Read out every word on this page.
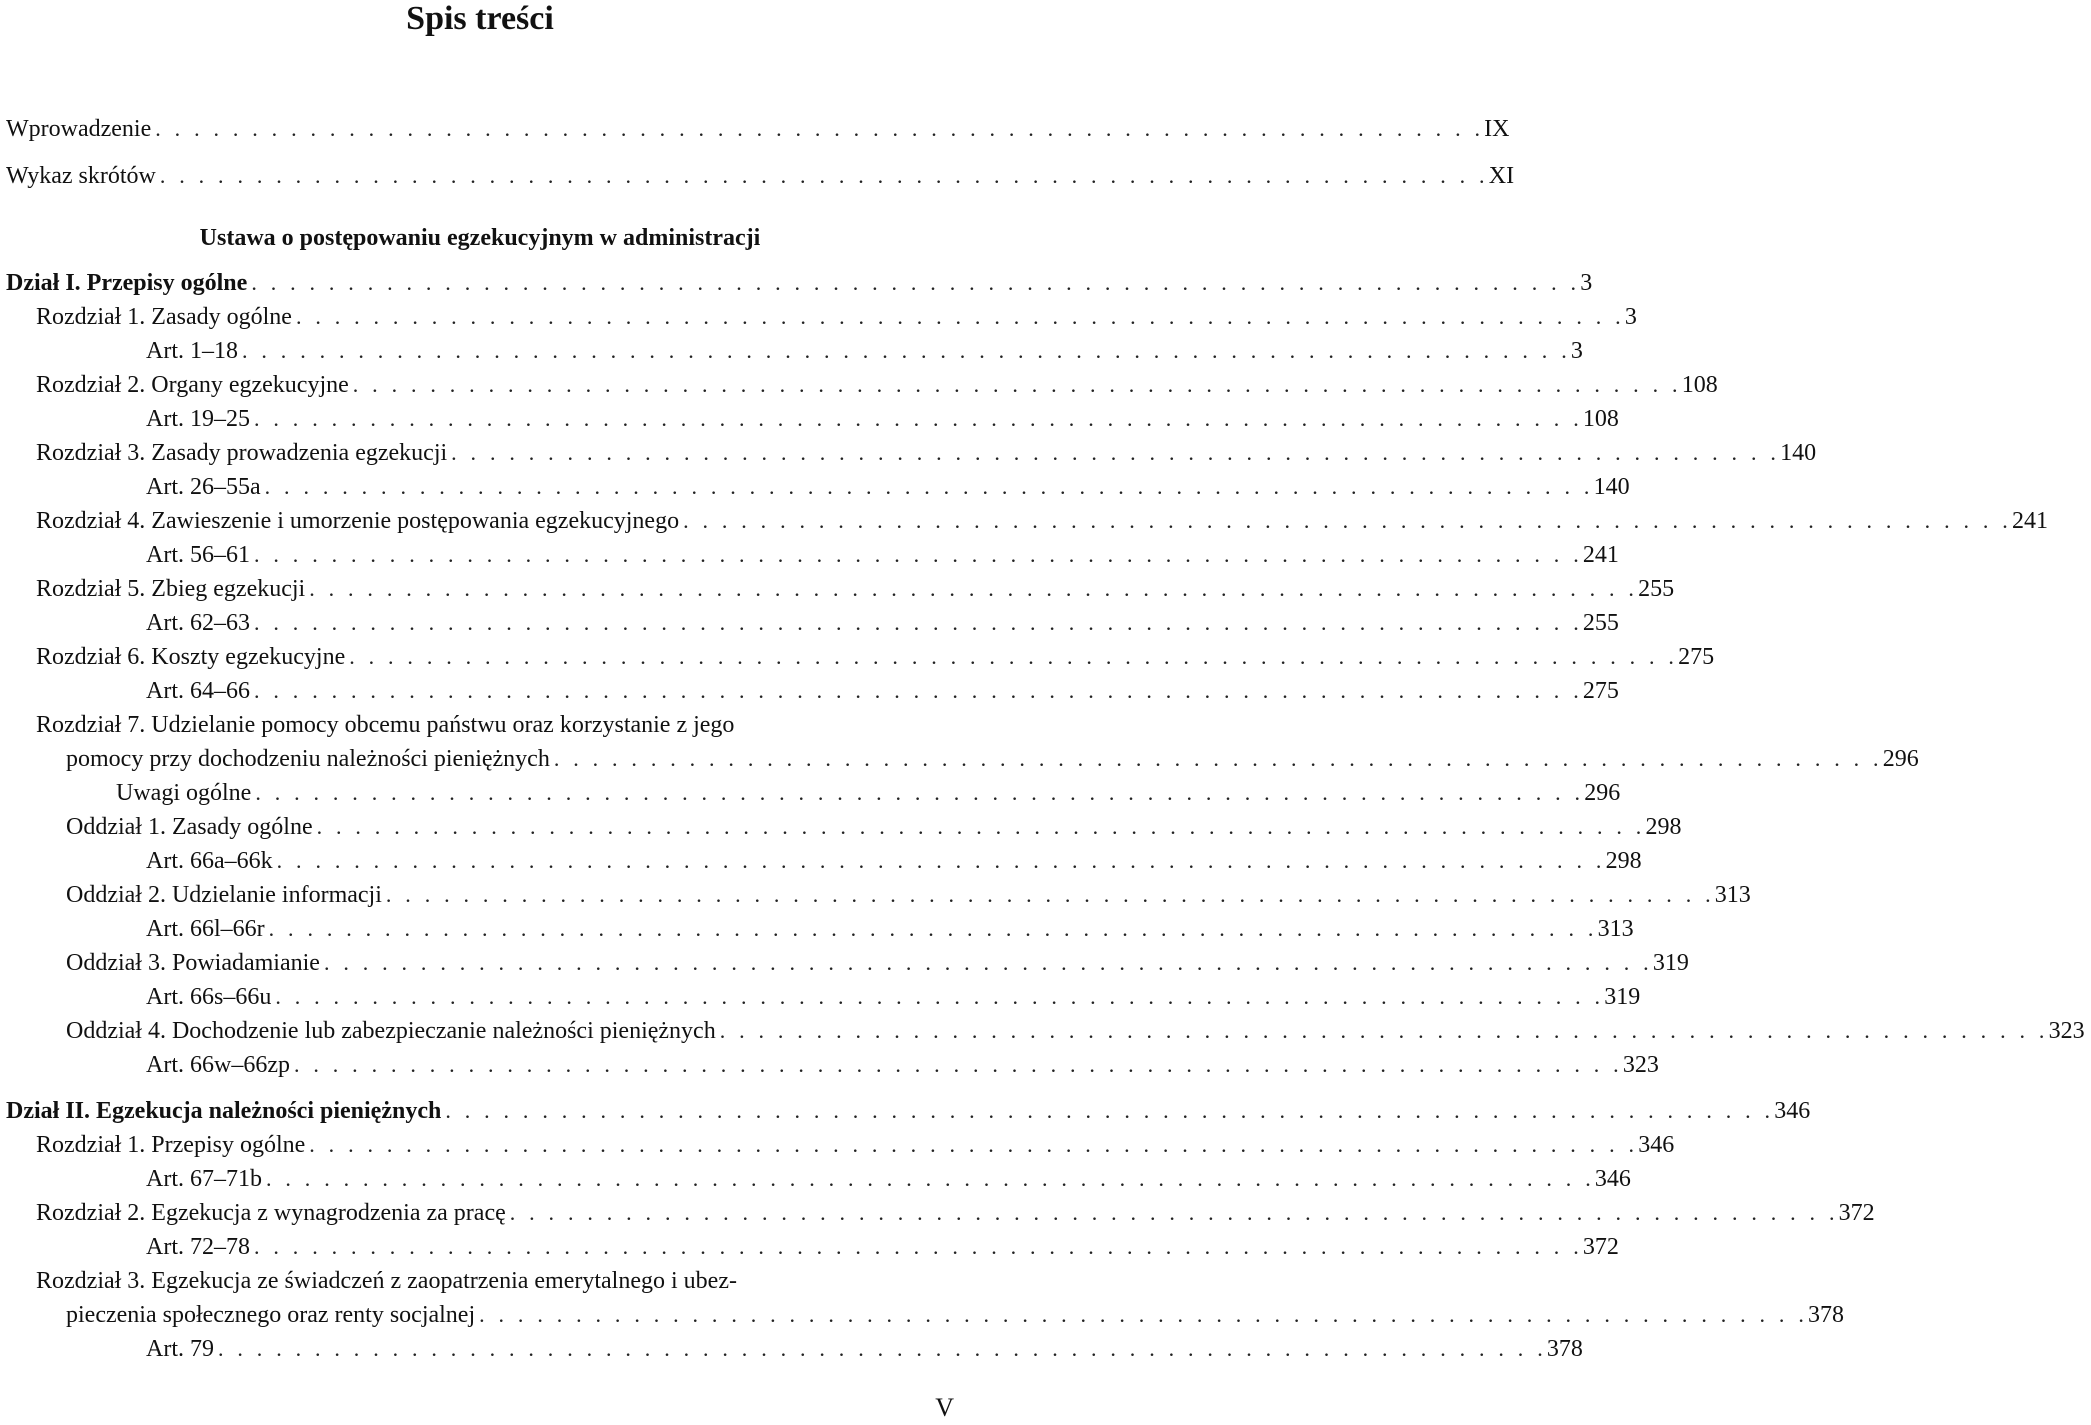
Spis treści
Wprowadzenie . . . . . . . . . . . . . . . . . . . . . . . . . . . . . . . . . . . . . . . . . . . . . . . . . . . . . . . . . . . . . . . . . . . . . IX
Wykaz skrótów . . . . . . . . . . . . . . . . . . . . . . . . . . . . . . . . . . . . . . . . . . . . . . . . . . . . . . . . . . . . . . . . . . . . . XI
Dział I. Przepisy ogólne . . . . . . . . . . . . . . . . . . . . . . . . . . . . . . . . . . . . . . . . . . . . . . . . . . . . . . . . . . . . . . . . . . . . . 3
Rozdział 1. Zasady ogólne . . . . . . . . . . . . . . . . . . . . . . . . . . . . . . . . . . . . . . . . . . . . . . . . . . . . . . . . . . . . . . . . . . . . . 3
Art. 1–18 . . . . . . . . . . . . . . . . . . . . . . . . . . . . . . . . . . . . . . . . . . . . . . . . . . . . . . . . . . . . . . . . . . . . . 3
Rozdział 2. Organy egzekucyjne . . . . . . . . . . . . . . . . . . . . . . . . . . . . . . . . . . . . . . . . . . . . . . . . . . . . . . . . . . . . . . . . . . . . . 108
Art. 19–25 . . . . . . . . . . . . . . . . . . . . . . . . . . . . . . . . . . . . . . . . . . . . . . . . . . . . . . . . . . . . . . . . . . . . . 108
Rozdział 3. Zasady prowadzenia egzekucji . . . . . . . . . . . . . . . . . . . . . . . . . . . . . . . . . . . . . . . . . . . . . . . . . . . . . . . . . . . . . . . . . . . . . 140
Art. 26–55a . . . . . . . . . . . . . . . . . . . . . . . . . . . . . . . . . . . . . . . . . . . . . . . . . . . . . . . . . . . . . . . . . . . . . 140
Rozdział 4. Zawieszenie i umorzenie postępowania egzekucyjnego . . . . . . . . . . . . . . . . . . . . . . . . . . . . . . . . . . . . . . . . . . . . . . . . . . . . . . . . . . . . . . . . . . . . . 241
Art. 56–61 . . . . . . . . . . . . . . . . . . . . . . . . . . . . . . . . . . . . . . . . . . . . . . . . . . . . . . . . . . . . . . . . . . . . . 241
Rozdział 5. Zbieg egzekucji . . . . . . . . . . . . . . . . . . . . . . . . . . . . . . . . . . . . . . . . . . . . . . . . . . . . . . . . . . . . . . . . . . . . . 255
Art. 62–63 . . . . . . . . . . . . . . . . . . . . . . . . . . . . . . . . . . . . . . . . . . . . . . . . . . . . . . . . . . . . . . . . . . . . . 255
Rozdział 6. Koszty egzekucyjne . . . . . . . . . . . . . . . . . . . . . . . . . . . . . . . . . . . . . . . . . . . . . . . . . . . . . . . . . . . . . . . . . . . . . 275
Art. 64–66 . . . . . . . . . . . . . . . . . . . . . . . . . . . . . . . . . . . . . . . . . . . . . . . . . . . . . . . . . . . . . . . . . . . . . 275
Rozdział 7. Udzielanie pomocy obcemu państwu oraz korzystanie z jego
pomocy przy dochodzeniu należności pieniężnych . . . . . . . . . . . . . . . . . . . . . . . . . . . . . . . . . . . . . . . . . . . . . . . . . . . . . . . . . . . . . . . . . . . . . 296
Uwagi ogólne . . . . . . . . . . . . . . . . . . . . . . . . . . . . . . . . . . . . . . . . . . . . . . . . . . . . . . . . . . . . . . . . . . . . . 296
Oddział 1. Zasady ogólne . . . . . . . . . . . . . . . . . . . . . . . . . . . . . . . . . . . . . . . . . . . . . . . . . . . . . . . . . . . . . . . . . . . . . 298
Art. 66a–66k . . . . . . . . . . . . . . . . . . . . . . . . . . . . . . . . . . . . . . . . . . . . . . . . . . . . . . . . . . . . . . . . . . . . . 298
Oddział 2. Udzielanie informacji . . . . . . . . . . . . . . . . . . . . . . . . . . . . . . . . . . . . . . . . . . . . . . . . . . . . . . . . . . . . . . . . . . . . . 313
Art. 66l–66r . . . . . . . . . . . . . . . . . . . . . . . . . . . . . . . . . . . . . . . . . . . . . . . . . . . . . . . . . . . . . . . . . . . . . 313
Oddział 3. Powiadamianie . . . . . . . . . . . . . . . . . . . . . . . . . . . . . . . . . . . . . . . . . . . . . . . . . . . . . . . . . . . . . . . . . . . . . 319
Art. 66s–66u . . . . . . . . . . . . . . . . . . . . . . . . . . . . . . . . . . . . . . . . . . . . . . . . . . . . . . . . . . . . . . . . . . . . . 319
Oddział 4. Dochodzenie lub zabezpieczanie należności pieniężnych . . . . . . . . . . . . . . . . . . . . . . . . . . . . . . . . . . . . . . . . . . . . . . . . . . . . . . . . . . . . . . . . . . . . . 323
Art. 66w–66zp . . . . . . . . . . . . . . . . . . . . . . . . . . . . . . . . . . . . . . . . . . . . . . . . . . . . . . . . . . . . . . . . . . . . . 323
Dział II. Egzekucja należności pieniężnych . . . . . . . . . . . . . . . . . . . . . . . . . . . . . . . . . . . . . . . . . . . . . . . . . . . . . . . . . . . . . . . . . . . . . 346
Rozdział 1. Przepisy ogólne . . . . . . . . . . . . . . . . . . . . . . . . . . . . . . . . . . . . . . . . . . . . . . . . . . . . . . . . . . . . . . . . . . . . . 346
Art. 67–71b . . . . . . . . . . . . . . . . . . . . . . . . . . . . . . . . . . . . . . . . . . . . . . . . . . . . . . . . . . . . . . . . . . . . . 346
Rozdział 2. Egzekucja z wynagrodzenia za pracę . . . . . . . . . . . . . . . . . . . . . . . . . . . . . . . . . . . . . . . . . . . . . . . . . . . . . . . . . . . . . . . . . . . . . 372
Art. 72–78 . . . . . . . . . . . . . . . . . . . . . . . . . . . . . . . . . . . . . . . . . . . . . . . . . . . . . . . . . . . . . . . . . . . . . 372
Rozdział 3. Egzekucja ze świadczeń z zaopatrzenia emerytalnego i ubez-
pieczenia społecznego oraz renty socjalnej . . . . . . . . . . . . . . . . . . . . . . . . . . . . . . . . . . . . . . . . . . . . . . . . . . . . . . . . . . . . . . . . . . . . . 378
Art. 79 . . . . . . . . . . . . . . . . . . . . . . . . . . . . . . . . . . . . . . . . . . . . . . . . . . . . . . . . . . . . . . . . . . . . . 378
Ustawa o postępowaniu egzekucyjnym w administracji
V
